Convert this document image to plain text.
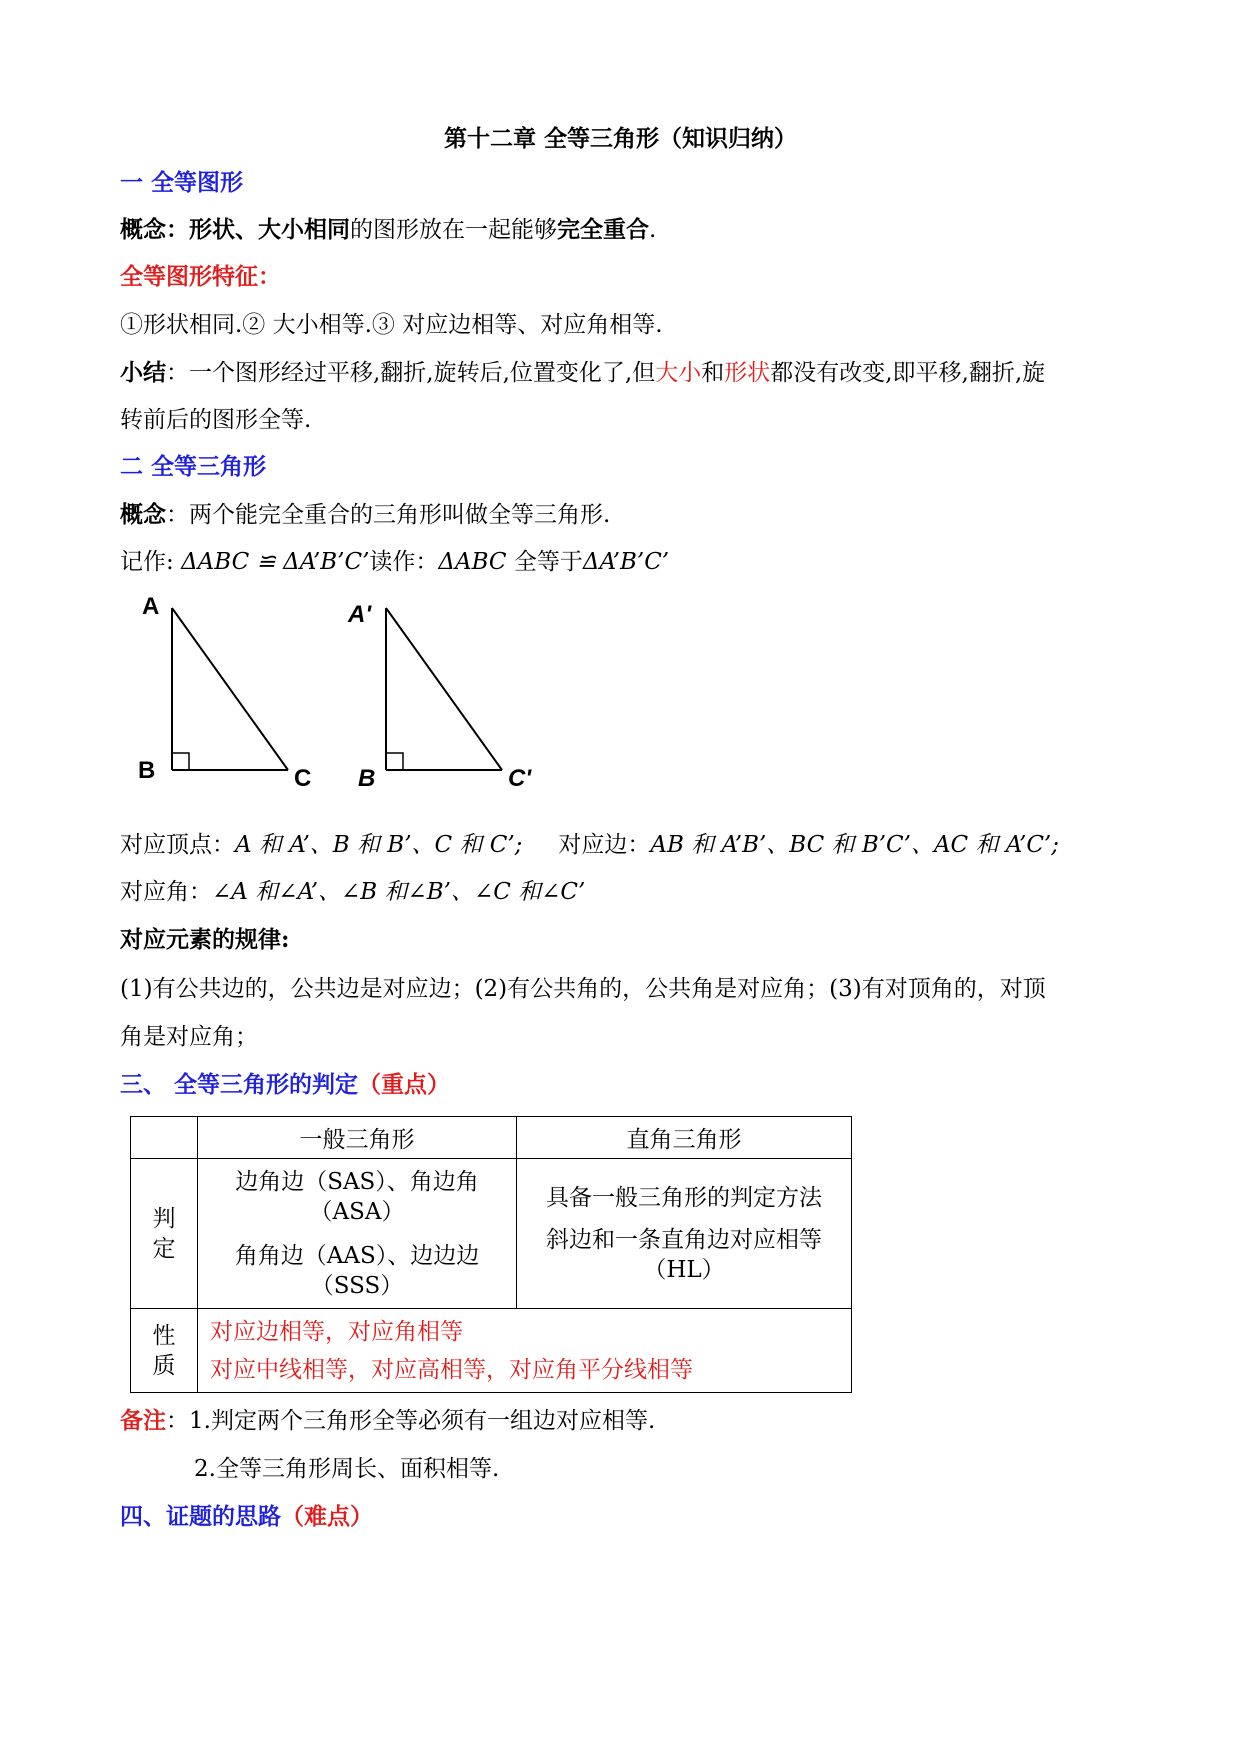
第十二章 全等三角形（知识归纳）
一 全等图形
概念：形状、大小相同的图形放在一起能够完全重合.
全等图形特征：
①形状相同.② 大小相等.③ 对应边相等、对应角相等.
小结：一个图形经过平移,翻折,旋转后,位置变化了,但大小和形状都没有改变,即平移,翻折,旋
转前后的图形全等.
二 全等三角形
概念：两个能完全重合的三角形叫做全等三角形.
记作: ΔABC ≌ ΔA’B’C’读作：ΔABC 全等于ΔA’B’C’
A
B	C
A'
B	C'
对应顶点：A 和 A’、B 和 B’、C 和 C’; 对应边：AB 和 A’B’、BC 和 B’C’、AC 和 A’C’;
对应角：∠A 和∠A’、∠B 和∠B’、∠C 和∠C’
对应元素的规律:
(1)有公共边的，公共边是对应边；(2)有公共角的，公共角是对应角；(3)有对顶角的，对顶
角是对应角；
三、 全等三角形的判定（重点）
	一般三角形	直角三角形

判
定	边角边（SAS）、角边角
（ASA）
角角边（AAS）、边边边
（SSS）	具备一般三角形的判定方法
斜边和一条直角边对应相等
（HL）

性
质	对应边相等，对应角相等
对应中线相等，对应高相等，对应角平分线相等	
备注：1.判定两个三角形全等必须有一组边对应相等.
2.全等三角形周长、面积相等.
四、证题的思路（难点）
